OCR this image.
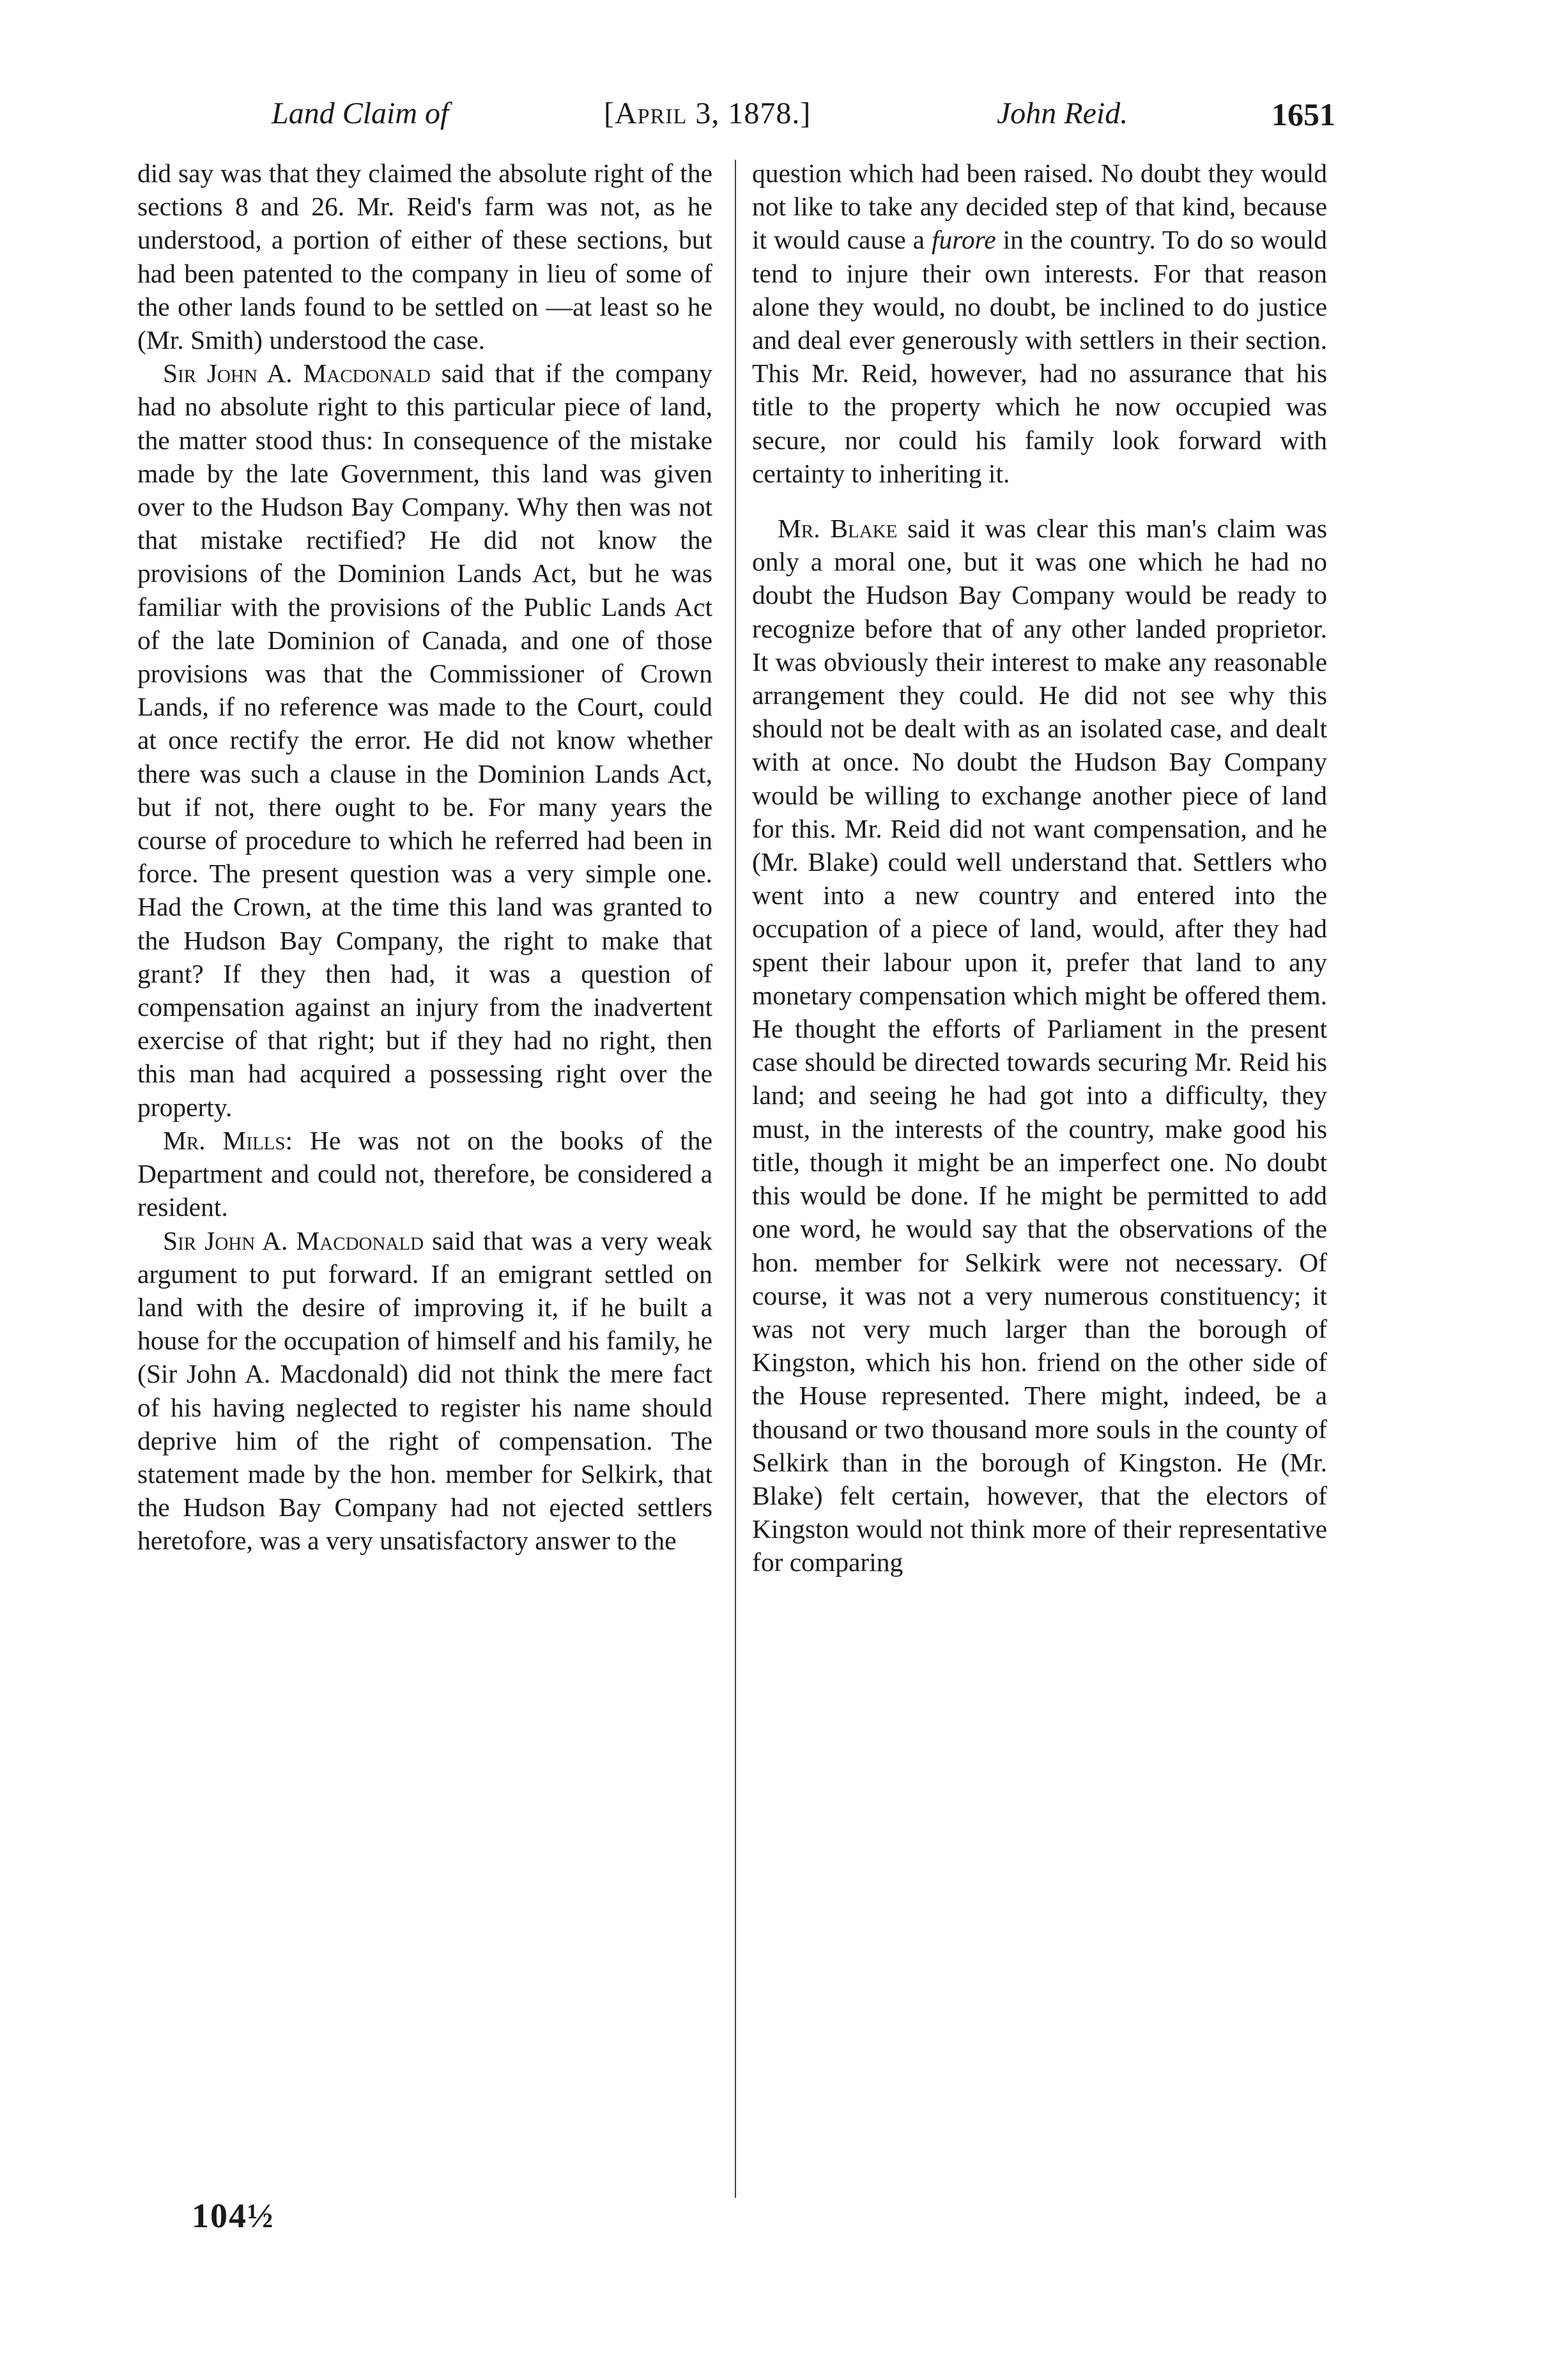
Land Claim of	[April 3, 1878.]	John Reid.	1651

did say was that they claimed the absolute right of the sections 8 and 26. Mr. Reid's farm was not, as he understood, a portion of either of these sections, but had been patented to the company in lieu of some of the other lands found to be settled on —at least so he (Mr. Smith) understood the case.

Sir John A. Macdonald said that if the company had no absolute right to this particular piece of land, the matter stood thus: In consequence of the mistake made by the late Government, this land was given over to the Hudson Bay Company. Why then was not that mistake rectified? He did not know the provisions of the Dominion Lands Act, but he was familiar with the provisions of the Public Lands Act of the late Dominion of Canada, and one of those provisions was that the Commissioner of Crown Lands, if no reference was made to the Court, could at once rectify the error. He did not know whether there was such a clause in the Dominion Lands Act, but if not, there ought to be. For many years the course of procedure to which he referred had been in force. The present question was a very simple one. Had the Crown, at the time this land was granted to the Hudson Bay Company, the right to make that grant? If they then had, it was a question of compensation against an injury from the inadvertent exercise of that right; but if they had no right, then this man had acquired a possessing right over the property.

Mr. Mills: He was not on the books of the Department and could not, therefore, be considered a resident.

Sir John A. Macdonald said that was a very weak argument to put forward. If an emigrant settled on land with the desire of improving it, if he built a house for the occupation of himself and his family, he (Sir John A. Macdonald) did not think the mere fact of his having neglected to register his name should deprive him of the right of compensation. The statement made by the hon. member for Selkirk, that the Hudson Bay Company had not ejected settlers heretofore, was a very unsatisfactory answer to the

question which had been raised. No doubt they would not like to take any decided step of that kind, because it would cause a furore in the country. To do so would tend to injure their own interests. For that reason alone they would, no doubt, be inclined to do justice and deal ever generously with settlers in their section. This Mr. Reid, however, had no assurance that his title to the property which he now occupied was secure, nor could his family look forward with certainty to inheriting it.

Mr. Blake said it was clear this man's claim was only a moral one, but it was one which he had no doubt the Hudson Bay Company would be ready to recognize before that of any other landed proprietor. It was obviously their interest to make any reasonable arrangement they could. He did not see why this should not be dealt with as an isolated case, and dealt with at once. No doubt the Hudson Bay Company would be willing to exchange another piece of land for this. Mr. Reid did not want compensation, and he (Mr. Blake) could well understand that. Settlers who went into a new country and entered into the occupation of a piece of land, would, after they had spent their labour upon it, prefer that land to any monetary compensation which might be offered them. He thought the efforts of Parliament in the present case should be directed towards securing Mr. Reid his land; and seeing he had got into a difficulty, they must, in the interests of the country, make good his title, though it might be an imperfect one. No doubt this would be done. If he might be permitted to add one word, he would say that the observations of the hon. member for Selkirk were not necessary. Of course, it was not a very numerous constituency; it was not very much larger than the borough of Kingston, which his hon. friend on the other side of the House represented. There might, indeed, be a thousand or two thousand more souls in the county of Selkirk than in the borough of Kingston. He (Mr. Blake) felt certain, however, that the electors of Kingston would not think more of their representative for comparing

104½
